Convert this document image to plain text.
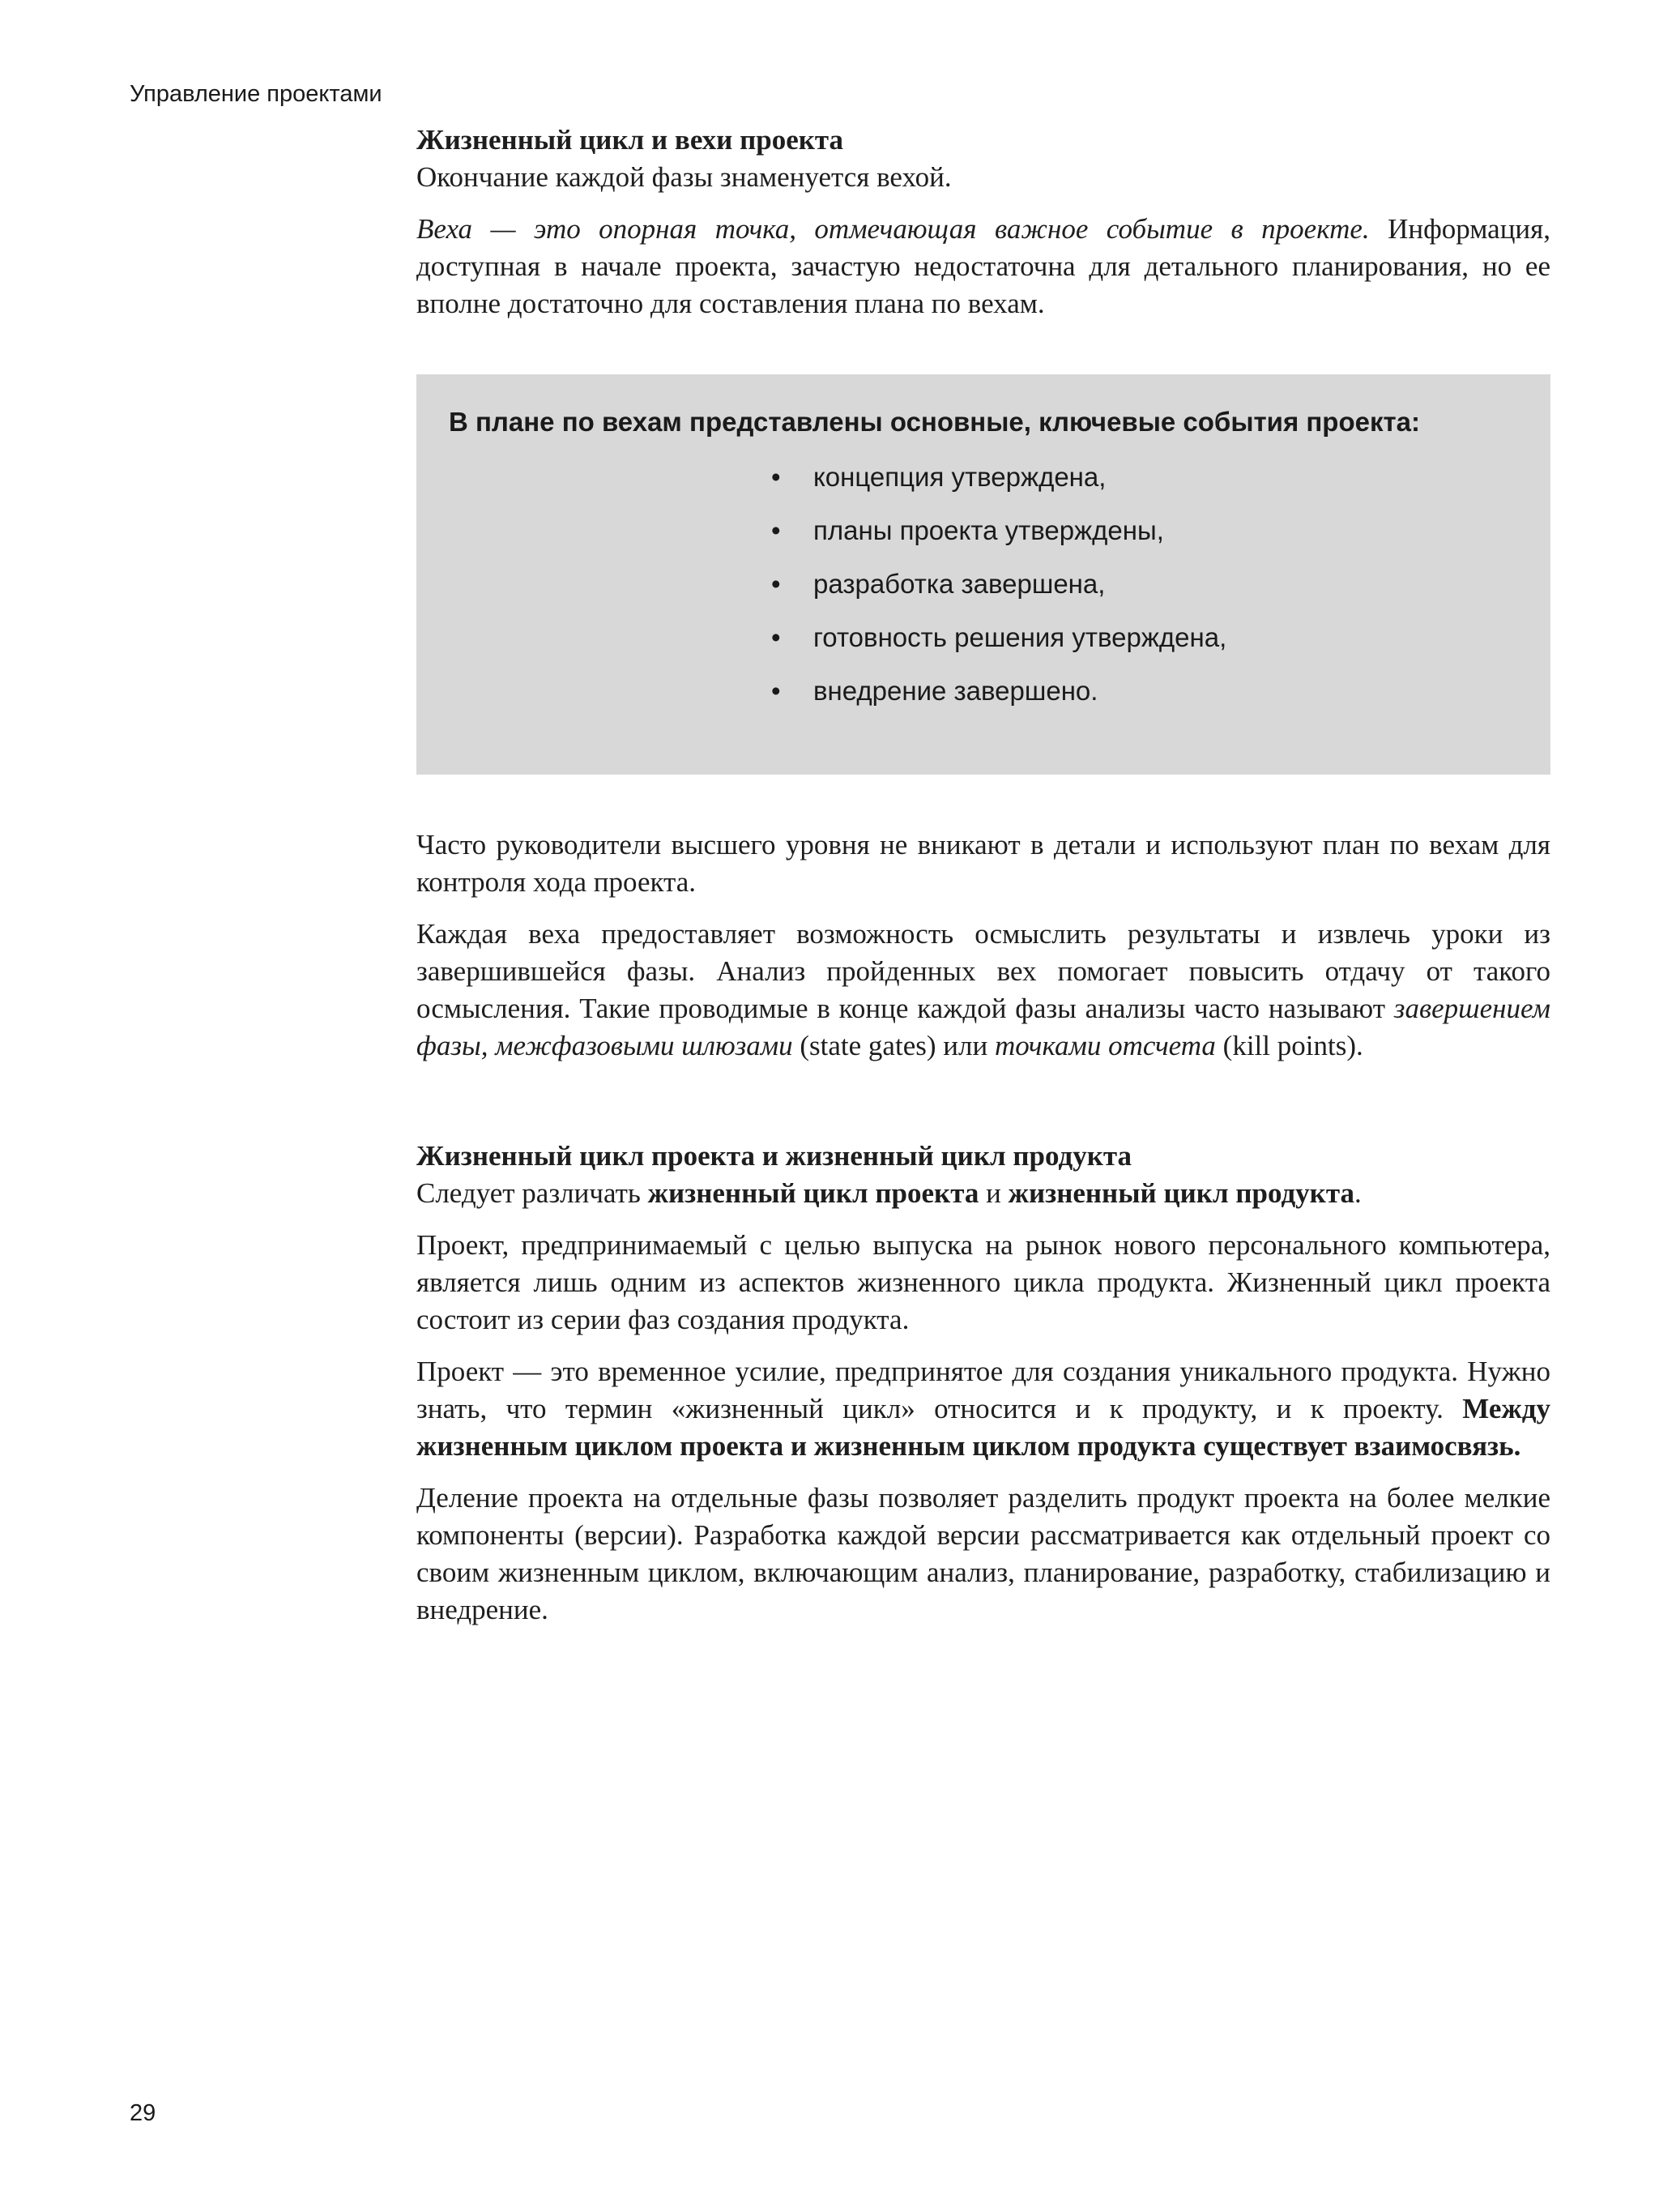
Управление проектами

Жизненный цикл и вехи проекта

Окончание каждой фазы знаменуется вехой.

Веха — это опорная точка, отмечающая важное событие в проекте. Информация, доступная в начале проекта, зачастую недостаточна для детального планирования, но ее вполне достаточно для составления плана по вехам.

В плане по вехам представлены основные, ключевые события проекта:
• концепция утверждена,
• планы проекта утверждены,
• разработка завершена,
• готовность решения утверждена,
• внедрение завершено.

Часто руководители высшего уровня не вникают в детали и используют план по вехам для контроля хода проекта.

Каждая веха предоставляет возможность осмыслить результаты и извлечь уроки из завершившейся фазы. Анализ пройденных вех помогает повысить отдачу от такого осмысления. Такие проводимые в конце каждой фазы анализы часто называют завершением фазы, межфазовыми шлюзами (state gates) или точками отсчета (kill points).

Жизненный цикл проекта и жизненный цикл продукта

Следует различать жизненный цикл проекта и жизненный цикл продукта.

Проект, предпринимаемый с целью выпуска на рынок нового персонального компьютера, является лишь одним из аспектов жизненного цикла продукта. Жизненный цикл проекта состоит из серии фаз создания продукта.

Проект — это временное усилие, предпринятое для создания уникального продукта. Нужно знать, что термин «жизненный цикл» относится и к продукту, и к проекту. Между жизненным циклом проекта и жизненным циклом продукта существует взаимосвязь.

Деление проекта на отдельные фазы позволяет разделить продукт проекта на более мелкие компоненты (версии). Разработка каждой версии рассматривается как отдельный проект со своим жизненным циклом, включающим анализ, планирование, разработку, стабилизацию и внедрение.

29
